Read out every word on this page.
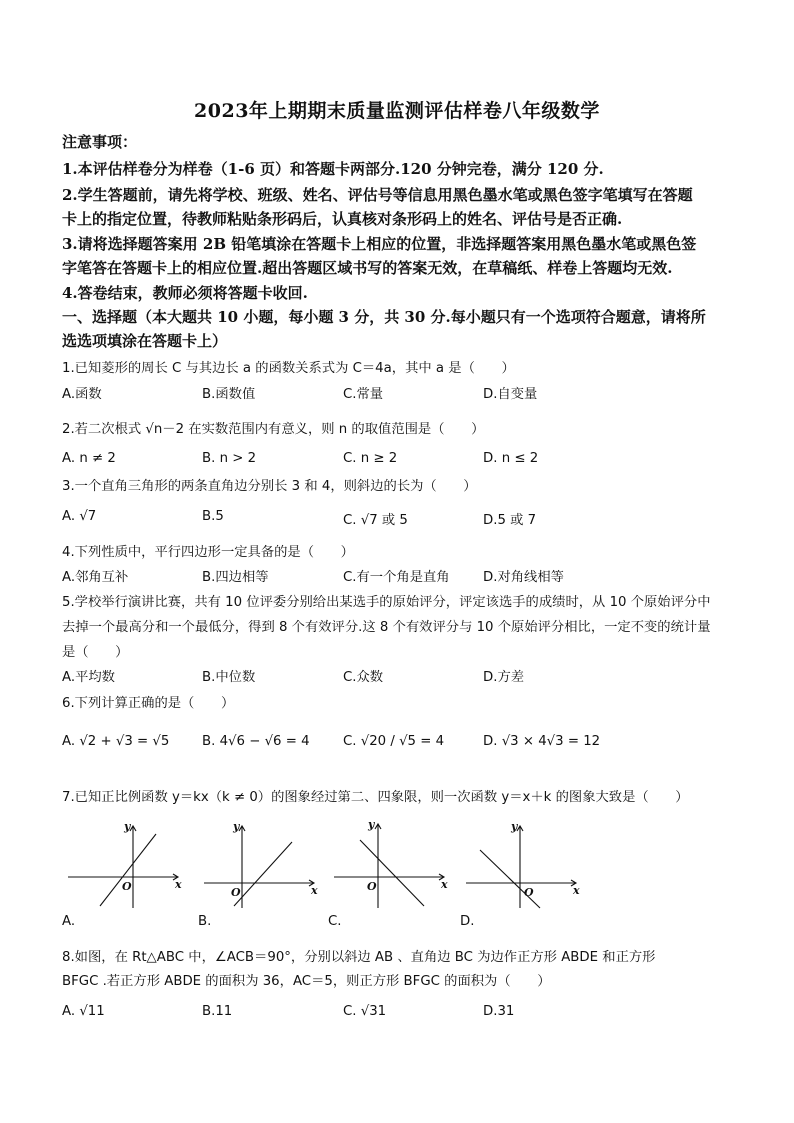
2023年上期期末质量监测评估样卷八年级数学
注意事项：
1.本评估样卷分为样卷（1-6 页）和答题卡两部分.120 分钟完卷，满分 120 分.
2.学生答题前，请先将学校、班级、姓名、评估号等信息用黑色墨水笔或黑色签字笔填写在答题
卡上的指定位置，待教师粘贴条形码后，认真核对条形码上的姓名、评估号是否正确.
3.请将选择题答案用 2B 铅笔填涂在答题卡上相应的位置，非选择题答案用黑色墨水笔或黑色签
字笔答在答题卡上的相应位置.超出答题区域书写的答案无效，在草稿纸、样卷上答题均无效.
4.答卷结束，教师必须将答题卡收回.
一、选择题（本大题共 10 小题，每小题 3 分，共 30 分.每小题只有一个选项符合题意，请将所
选选项填涂在答题卡上）
1.已知菱形的周长 C 与其边长 a 的函数关系式为 C＝4a，其中 a 是（　　）
A.函数	B.函数值	C.常量	D.自变量
2.若二次根式 √n－2 在实数范围内有意义，则 n 的取值范围是（　　）
A. n ≠ 2	B. n > 2	C. n ≥ 2	D. n ≤ 2
3.一个直角三角形的两条直角边分别长 3 和 4，则斜边的长为（　　）
A. √7	B.5	C. √7 或 5	D.5 或 7
4.下列性质中，平行四边形一定具备的是（　　）
A.邻角互补	B.四边相等	C.有一个角是直角	D.对角线相等
5.学校举行演讲比赛，共有 10 位评委分别给出某选手的原始评分，评定该选手的成绩时，从 10 个原始评分中
去掉一个最高分和一个最低分，得到 8 个有效评分.这 8 个有效评分与 10 个原始评分相比，一定不变的统计量
是（　　）
A.平均数	B.中位数	C.众数	D.方差
6.下列计算正确的是（　　）
A. √2 + √3 = √5 B. 4√6 − √6 = 4	C. √20 / √5 = 4	D. √3 × 4√3 = 12
7.已知正比例函数 y＝kx（k ≠ 0）的图象经过第二、四象限，则一次函数 y＝x＋k 的图象大致是（　　）
y
x
O
A.
y
x
O
B.
y
x
O
C.
y
x
O
D.
8.如图，在 Rt△ABC 中，∠ACB＝90°，分别以斜边 AB 、直角边 BC 为边作正方形 ABDE 和正方形
BFGC .若正方形 ABDE 的面积为 36，AC＝5，则正方形 BFGC 的面积为（　　）
A. √11	B.11	C. √31	D.31
